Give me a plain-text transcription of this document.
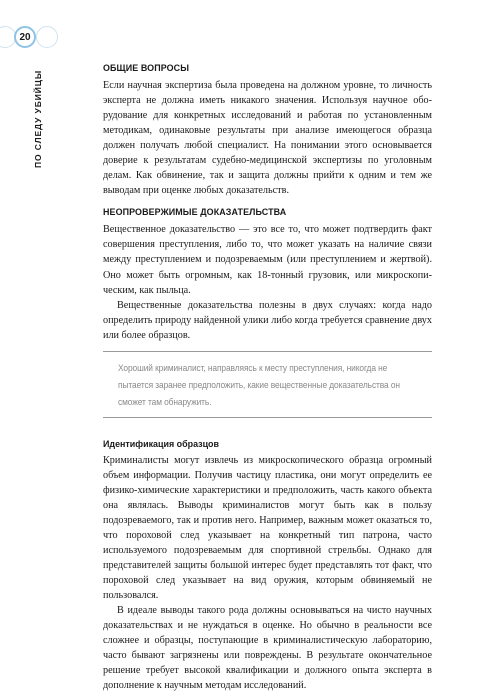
20
ПО СЛЕДУ УБИЙЦЫ
ОБЩИЕ ВОПРОСЫ

Если научная экспертиза была проведена на должном уровне, то личность эксперта не должна иметь никакого значения. Используя научное обо-рудование для конкретных исследований и работая по установленным методикам, одинаковые результаты при анализе имеющегося образца должен получать любой специалист. На понимании этого основывается доверие к результатам судебно-медицинской экспертизы по уголовным делам. Как обвинение, так и защита должны прийти к одним и тем же выводам при оценке любых доказательств.

НЕОПРОВЕРЖИМЫЕ ДОКАЗАТЕЛЬСТВА

Вещественное доказательство — это все то, что может подтвердить факт совершения преступления, либо то, что может указать на наличие связи между преступлением и подозреваемым (или преступлением и жертвой). Оно может быть огромным, как 18-тонный грузовик, или микроскопи-ческим, как пыльца.

Вещественные доказательства полезны в двух случаях: когда надо определить природу найденной улики либо когда требуется сравнение двух или более образцов.

Хороший криминалист, направляясь к месту преступления, никогда не пытается заранее предположить, какие вещественные доказательства он сможет там обнаружить.
Идентификация образцов

Криминалисты могут извлечь из микроскопического образца огромный объем информации. Получив частицу пластика, они могут определить ее физико-химические характеристики и предположить, часть какого объекта она являлась. Выводы криминалистов могут быть как в пользу подозреваемого, так и против него. Например, важным может оказаться то, что пороховой след указывает на конкретный тип патрона, часто используемого подозреваемым для спортивной стрельбы. Однако для представителей защиты большой интерес будет представлять тот факт, что пороховой след указывает на вид оружия, которым обвиняемый не пользовался.

В идеале выводы такого рода должны основываться на чисто научных доказательствах и не нуждаться в оценке. Но обычно в реальности все сложнее и образцы, поступающие в криминалистическую лабораторию, часто бывают загрязнены или повреждены. В результате окончательное решение требует высокой квалификации и должного опыта эксперта в дополнение к научным методам исследований.
